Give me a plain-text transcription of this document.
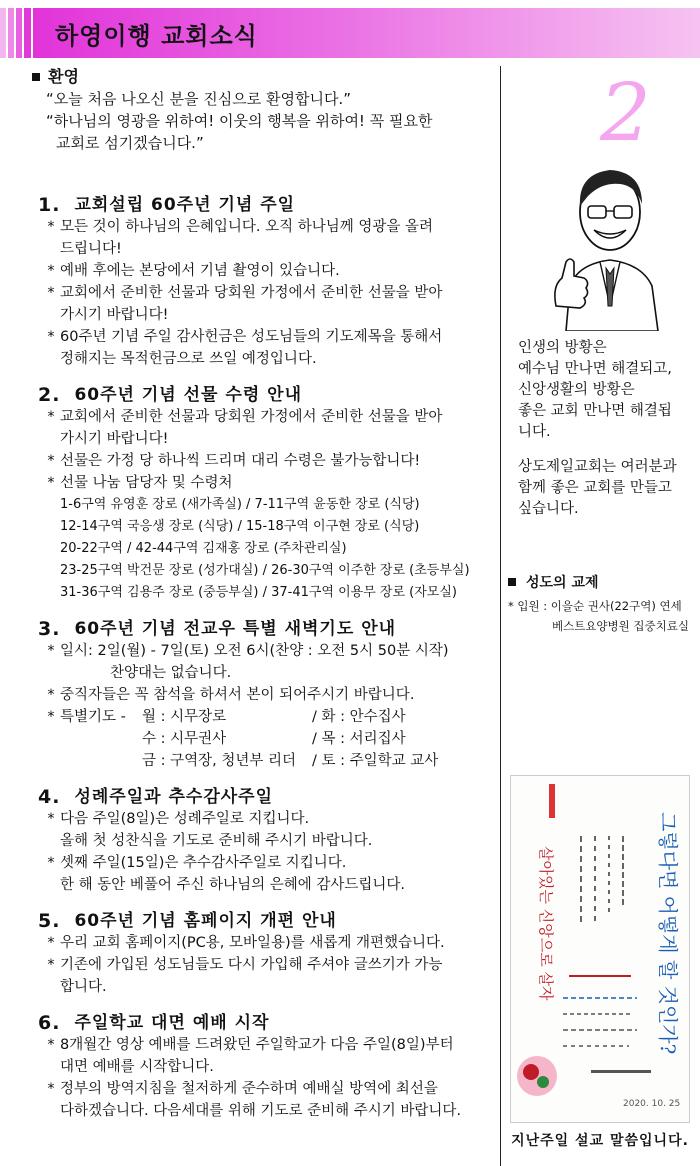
하영이행 교회소식
환영
“오늘 처음 나오신 분을 진심으로 환영합니다.”
“하나님의 영광을 위하여! 이웃의 행복을 위하여! 꼭 필요한
교회로 섬기겠습니다.”
1. 교회설립 60주년 기념 주일
* 모든 것이 하나님의 은혜입니다. 오직 하나님께 영광을 올려
드립니다!
* 예배 후에는 본당에서 기념 촬영이 있습니다.
* 교회에서 준비한 선물과 당회원 가정에서 준비한 선물을 받아
가시기 바랍니다!
* 60주년 기념 주일 감사헌금은 성도님들의 기도제목을 통해서
정해지는 목적헌금으로 쓰일 예정입니다.
2. 60주년 기념 선물 수령 안내
* 교회에서 준비한 선물과 당회원 가정에서 준비한 선물을 받아
가시기 바랍니다!
* 선물은 가정 당 하나씩 드리며 대리 수령은 불가능합니다!
* 선물 나눔 담당자 및 수령처
1-6구역 유영훈 장로 (새가족실) / 7-11구역 윤동한 장로 (식당)
12-14구역 국응생 장로 (식당) / 15-18구역 이구현 장로 (식당)
20-22구역 / 42-44구역 김재홍 장로 (주차관리실)
23-25구역 박건문 장로 (성가대실) / 26-30구역 이주한 장로 (초등부실)
31-36구역 김용주 장로 (중등부실) / 37-41구역 이용무 장로 (자모실)
3. 60주년 기념 전교우 특별 새벽기도 안내
* 일시: 2일(월) - 7일(토) 오전 6시(찬양 : 오전 5시 50분 시작)
찬양대는 없습니다.
* 중직자들은 꼭 참석을 하셔서 본이 되어주시기 바랍니다.
* 특별기도 -	월 : 시무장로	/ 화 : 안수집사
수 : 시무권사	/ 목 : 서리집사
금 : 구역장, 청년부 리더	/ 토 : 주일학교 교사
4. 성례주일과 추수감사주일
* 다음 주일(8일)은 성례주일로 지킵니다.
올해 첫 성찬식을 기도로 준비해 주시기 바랍니다.
* 셋째 주일(15일)은 추수감사주일로 지킵니다.
한 해 동안 베풀어 주신 하나님의 은혜에 감사드립니다.
5. 60주년 기념 홈페이지 개편 안내
* 우리 교회 홈페이지(PC용, 모바일용)를 새롭게 개편했습니다.
* 기존에 가입된 성도님들도 다시 가입해 주셔야 글쓰기가 가능
합니다.
6. 주일학교 대면 예배 시작
* 8개월간 영상 예배를 드려왔던 주일학교가 다음 주일(8일)부터
대면 예배를 시작합니다.
* 정부의 방역지침을 철저하게 준수하며 예배실 방역에 최선을
다하겠습니다. 다음세대를 위해 기도로 준비해 주시기 바랍니다.
2

인생의 방황은
예수님 만나면 해결되고,
신앙생활의 방황은
좋은 교회 만나면 해결됩
니다.

상도제일교회는 여러분과
함께 좋은 교회를 만들고
싶습니다.

성도의 교제
* 입원 : 이을순 권사(22구역) 연세
베스트요양병원 집중치료실
그렇다면 어떻게 할 것인가?
살아있는 신앙으로 살자
2020. 10. 25
지난주일 설교 말씀입니다.
